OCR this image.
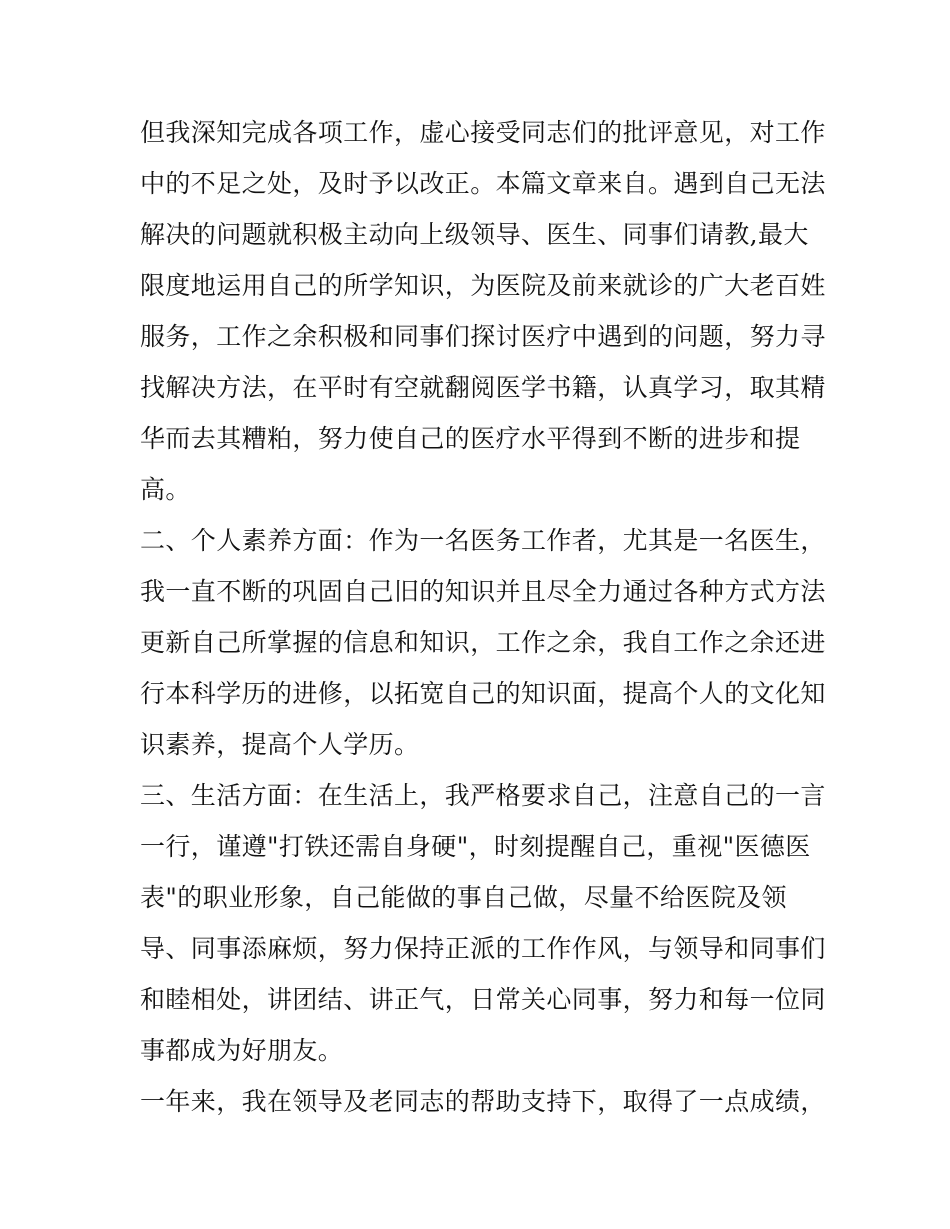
但我深知完成各项工作，虚心接受同志们的批评意见，对工作
中的不足之处，及时予以改正。本篇文章来自。遇到自己无法
解决的问题就积极主动向上级领导、医生、同事们请教,最大
限度地运用自己的所学知识，为医院及前来就诊的广大老百姓
服务，工作之余积极和同事们探讨医疗中遇到的问题，努力寻
找解决方法，在平时有空就翻阅医学书籍，认真学习，取其精
华而去其糟粕，努力使自己的医疗水平得到不断的进步和提
高。
二、个人素养方面：作为一名医务工作者，尤其是一名医生，
我一直不断的巩固自己旧的知识并且尽全力通过各种方式方法
更新自己所掌握的信息和知识，工作之余，我自工作之余还进
行本科学历的进修，以拓宽自己的知识面，提高个人的文化知
识素养，提高个人学历。
三、生活方面：在生活上，我严格要求自己，注意自己的一言
一行，谨遵"打铁还需自身硬"，时刻提醒自己，重视"医德医
表"的职业形象，自己能做的事自己做，尽量不给医院及领
导、同事添麻烦，努力保持正派的工作作风，与领导和同事们
和睦相处，讲团结、讲正气，日常关心同事，努力和每一位同
事都成为好朋友。
一年来，我在领导及老同志的帮助支持下，取得了一点成绩，
